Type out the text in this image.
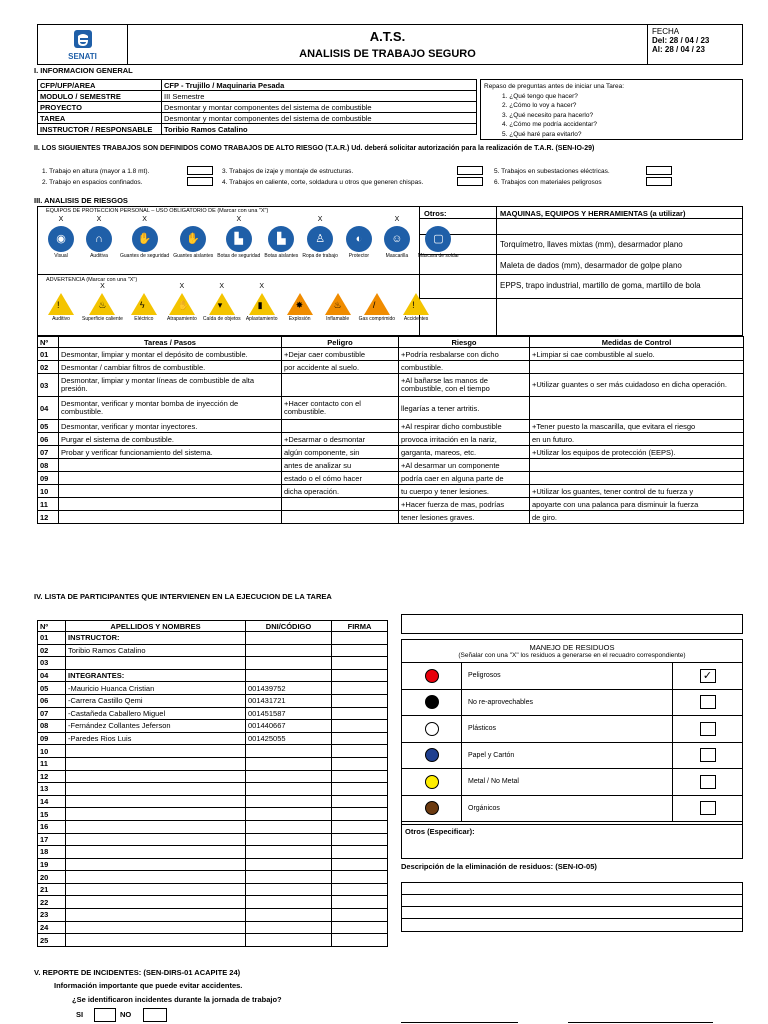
SENATI

A.T.S.
ANALISIS DE TRABAJO SEGURO

FECHA
Del: 28 / 04 / 23
Al: 28 / 04 / 23
I. INFORMACION GENERAL
CFP/UFP/AREA	CFP - Trujillo / Maquinaria Pesada
MODULO / SEMESTRE	III Semestre
PROYECTO	Desmontar y montar componentes del sistema de combustible
TAREA	Desmontar y montar componentes del sistema de combustible
INSTRUCTOR / RESPONSABLE	Toribio Ramos Catalino
Repaso de preguntas antes de iniciar una Tarea:
1. ¿Qué tengo que hacer?
2. ¿Cómo lo voy a hacer?
3. ¿Qué necesito para hacerlo?
4. ¿Cómo me podría accidentar?
5. ¿Qué haré para evitarlo?
II. LOS SIGUIENTES TRABAJOS SON DEFINIDOS COMO TRABAJOS DE ALTO RIESGO (T.A.R.) Ud. deberá solicitar autorización para la realización de T.A.R. (SEN-IO-29)
1. Trabajo en altura (mayor a 1.8 mt).
2. Trabajo en espacios confinados.
3. Trabajos de izaje y montaje de estructuras.
4. Trabajos en caliente, corte, soldadura u otros que generen chispas.
5. Trabajos en subestaciones eléctricas.
6. Trabajos con materiales peligrosos
III. ANALISIS DE RIESGOS
EQUIPOS DE PROTECCION PERSONAL – USO OBLIGATORIO DE (Marcar con una "X")
X
◉
Visual

X
∩
Auditiva

X
✋
Guantes de seguridad

✋
Guantes aislantes

X
▙
Botas de seguridad

▙
Botas aislantes

X
♙
Ropa de trabajo

◐
Protector

X
☺
Mascarilla

▢
Máscara de soldar
ADVERTENCIA (Marcar con una "X")
!
Auditivo

X
♨
Superficie caliente

ϟ
Eléctrico

X
✋
Atrapamiento

X
▾
Caída de objetos

X
▮
Aplastamiento

✸
Explosión

♨
Inflamable

/
Gas comprimido

!
Accidentes
Otros:	MAQUINAS, EQUIPOS Y HERRAMIENTAS (a utilizar)
Torquímetro, llaves mixtas (mm), desarmador plano
Maleta de dados (mm), desarmador de golpe plano
EPPS, trapo industrial, martillo de goma, martillo de bola
Nº	Tareas / Pasos	Peligro	Riesgo	Medidas de Control
01	Desmontar, limpiar y montar el depósito de combustible.	+Dejar caer combustible	+Podría resbalarse con dicho	+Limpiar si cae combustible al suelo.
02	Desmontar / cambiar filtros de combustible.	por accidente al suelo.	combustible.	
03	Desmontar, limpiar y montar líneas de combustible de alta presión.		+Al bañarse las manos de combustible, con el tiempo	+Utilizar guantes o ser más cuidadoso en dicha operación.
04	Desmontar, verificar y montar bomba de inyección de combustible.	+Hacer contacto con el combustible.	llegarías a tener artritis.	
05	Desmontar, verificar y montar inyectores.		+Al respirar dicho combustible	+Tener puesto la mascarilla, que evitara el riesgo
06	Purgar el sistema de combustible.	+Desarmar o desmontar	provoca irritación en la nariz,	en un futuro.
07	Probar y verificar funcionamiento del sistema.	algún componente, sin	garganta, mareos, etc.	+Utilizar los equipos de protección (EEPS).
08		antes de analizar su	+Al desarmar un componente	
09		estado o el cómo hacer	podría caer en alguna parte de	
10		dicha operación.	tu cuerpo y tener lesiones.	+Utilizar los guantes, tener control de tu fuerza y
11			+Hacer fuerza de mas, podrías	apoyarte con una palanca para disminuir la fuerza
12			tener lesiones graves.	de giro.
IV. LISTA DE PARTICIPANTES QUE INTERVIENEN EN LA EJECUCION DE LA TAREA
Nº	APELLIDOS Y NOMBRES	DNI/CÓDIGO	FIRMA
01	INSTRUCTOR:		
02	Toribio Ramos Catalino		
03			
04	INTEGRANTES:		
05	-Mauricio Huanca Cristian	001439752	
06	-Carrera Castillo Qemi	001431721	
07	-Castañeda Caballero Miguel	001451587	
08	-Fernández Collantes Jeferson	001440667	
09	-Paredes Rios Luis	001425055	
10			
11			
12			
13			
14			
15			
16			
17			
18			
19			
20			
21			
22			
23			
24			
25			
MANEJO DE RESIDUOS
(Señalar con una "X" los residuos a generarse en el recuadro correspondiente)
Peligrosos	✓
No re-aprovechables
Plásticos
Papel y Cartón
Metal / No Metal
Orgánicos
Otros (Especificar):
Descripción de la eliminación de residuos: (SEN-IO-05)
V. REPORTE DE INCIDENTES: (SEN-DIRS-01 ACAPITE 24)
Información importante que puede evitar accidentes.
¿Se identificaron incidentes durante la jornada de trabajo?
SI	NO
